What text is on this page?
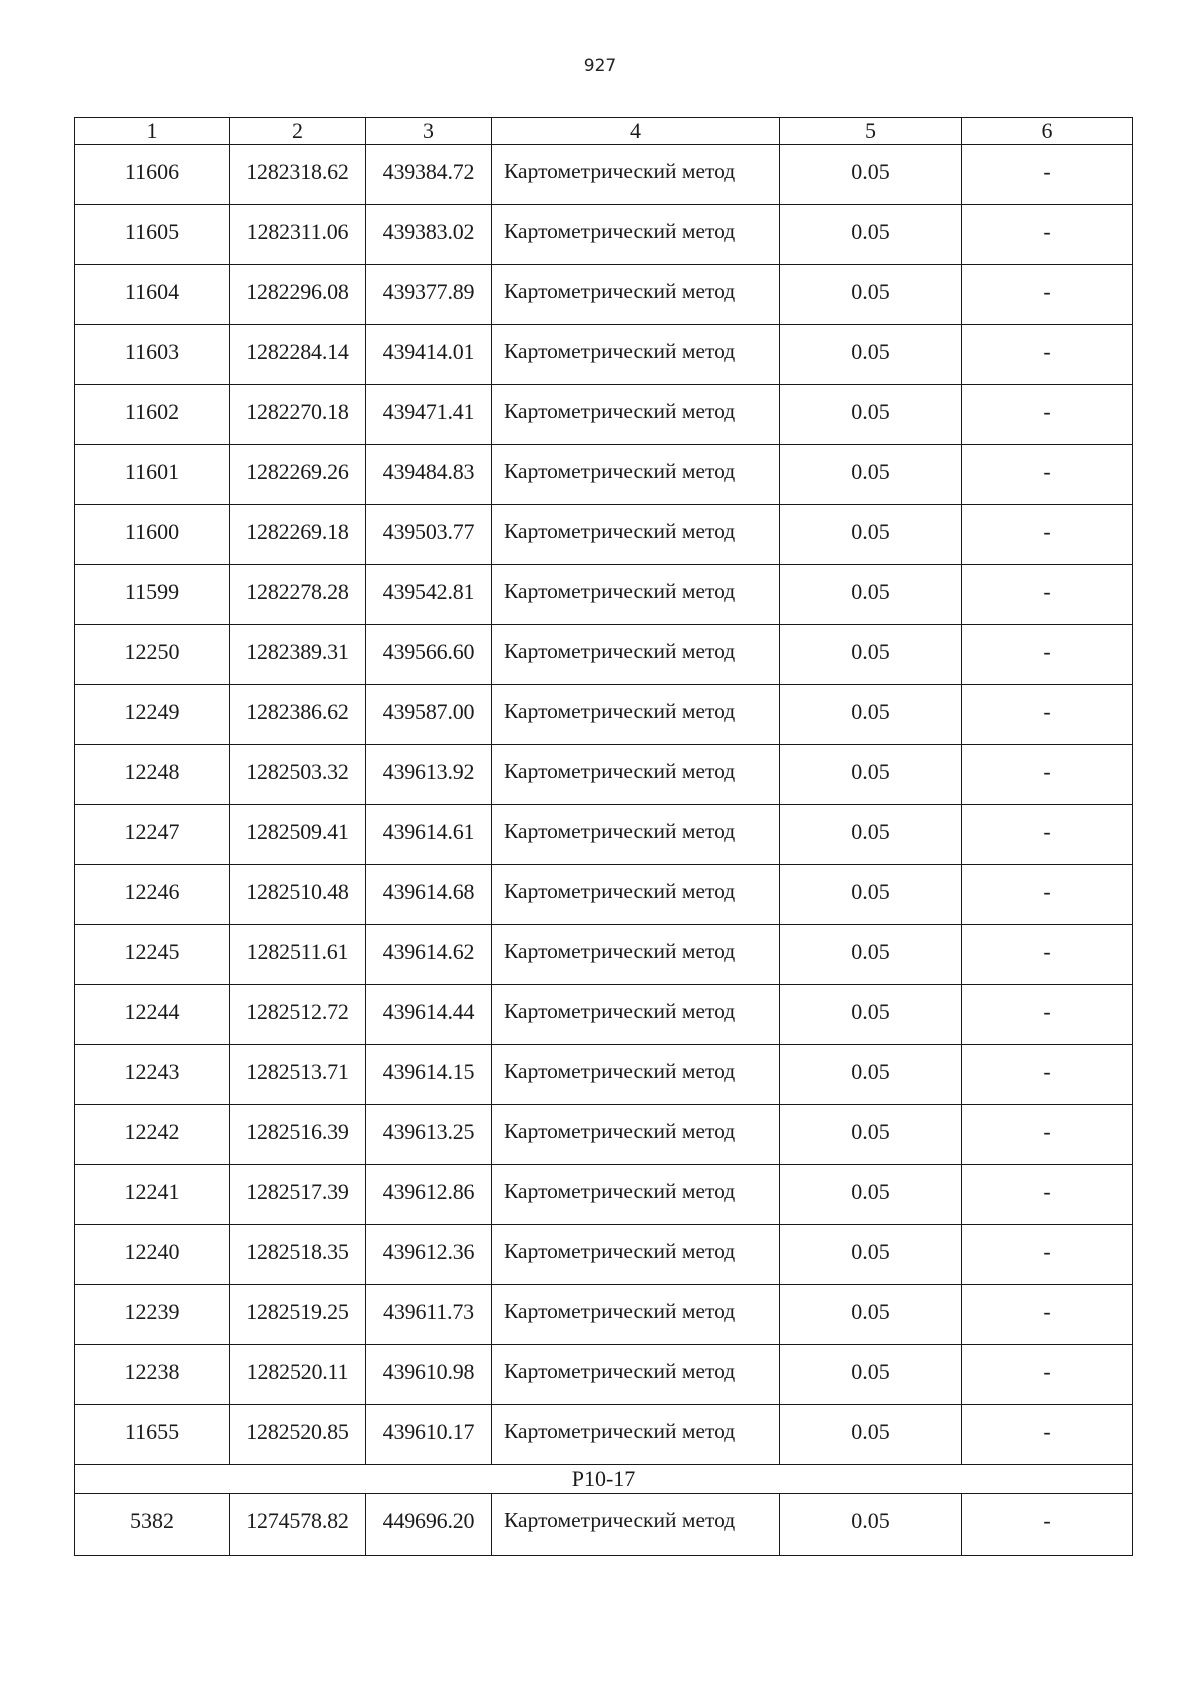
927
1	2	3	4	5	6
11606	1282318.62	439384.72	Картометрический метод	0.05	-
11605	1282311.06	439383.02	Картометрический метод	0.05	-
11604	1282296.08	439377.89	Картометрический метод	0.05	-
11603	1282284.14	439414.01	Картометрический метод	0.05	-
11602	1282270.18	439471.41	Картометрический метод	0.05	-
11601	1282269.26	439484.83	Картометрический метод	0.05	-
11600	1282269.18	439503.77	Картометрический метод	0.05	-
11599	1282278.28	439542.81	Картометрический метод	0.05	-
12250	1282389.31	439566.60	Картометрический метод	0.05	-
12249	1282386.62	439587.00	Картометрический метод	0.05	-
12248	1282503.32	439613.92	Картометрический метод	0.05	-
12247	1282509.41	439614.61	Картометрический метод	0.05	-
12246	1282510.48	439614.68	Картометрический метод	0.05	-
12245	1282511.61	439614.62	Картометрический метод	0.05	-
12244	1282512.72	439614.44	Картометрический метод	0.05	-
12243	1282513.71	439614.15	Картометрический метод	0.05	-
12242	1282516.39	439613.25	Картометрический метод	0.05	-
12241	1282517.39	439612.86	Картометрический метод	0.05	-
12240	1282518.35	439612.36	Картометрический метод	0.05	-
12239	1282519.25	439611.73	Картометрический метод	0.05	-
12238	1282520.11	439610.98	Картометрический метод	0.05	-
11655	1282520.85	439610.17	Картометрический метод	0.05	-
P10-17					
5382	1274578.82	449696.20	Картометрический метод	0.05	-
